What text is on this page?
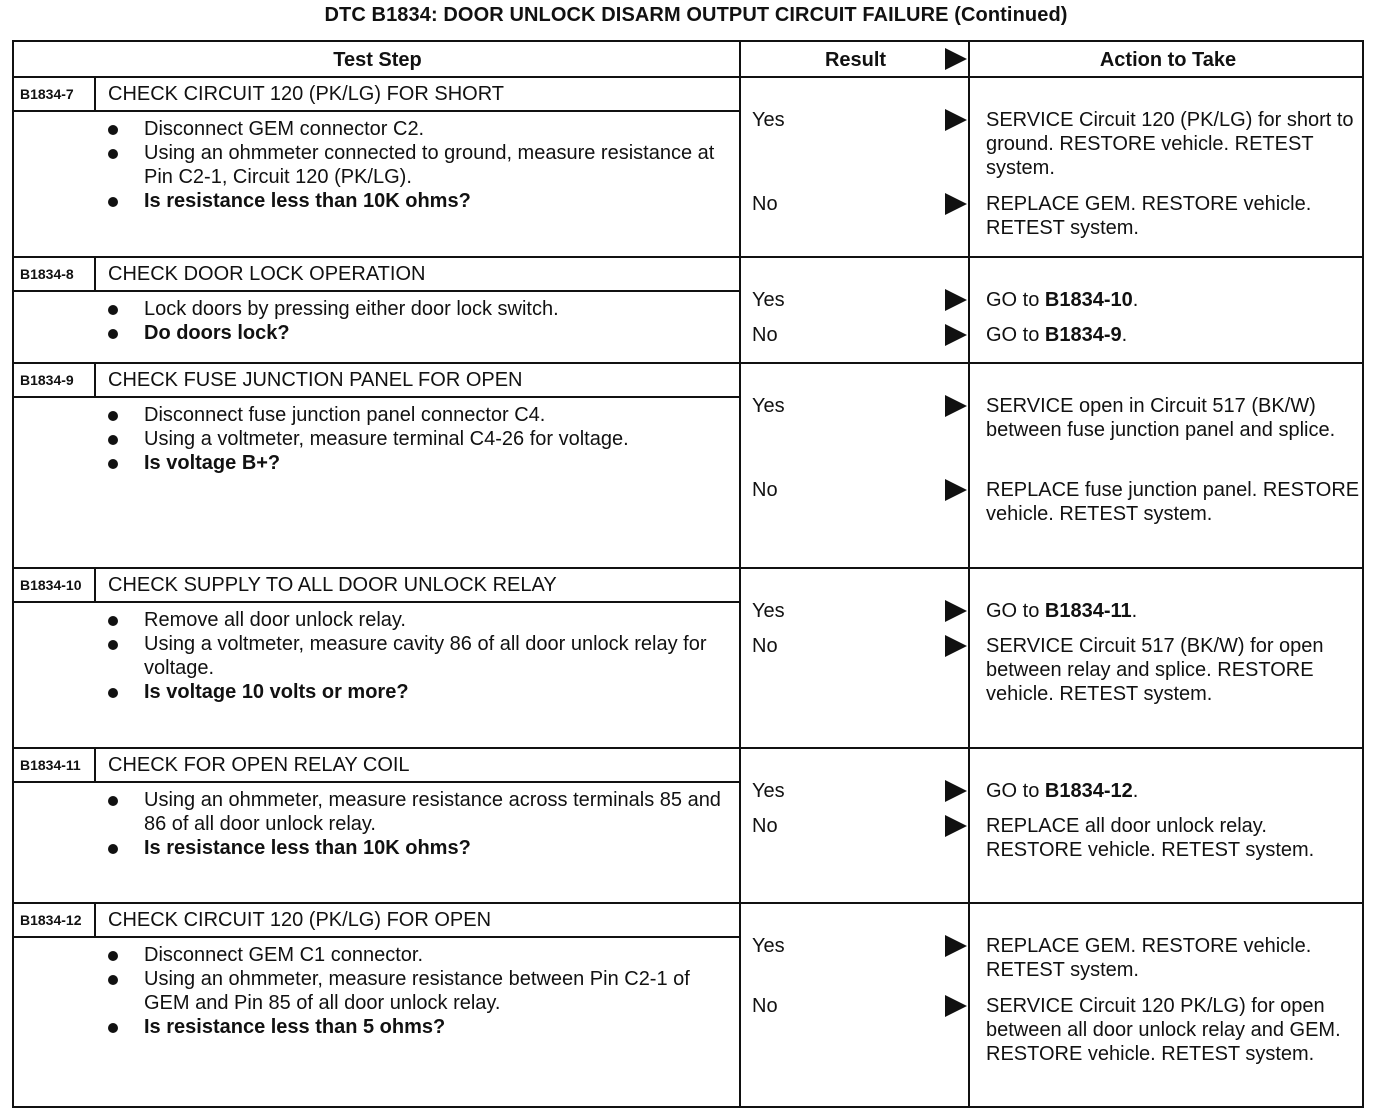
DTC B1834: DOOR UNLOCK DISARM OUTPUT CIRCUIT FAILURE (Continued)
Test Step	Result	Action to Take
B1834-7	CHECK CIRCUIT 120 (PK/LG) FOR SHORT
Disconnect GEM connector C2.
Using an ohmmeter connected to ground, measure resistance at Pin C2-1, Circuit 120 (PK/LG).
Is resistance less than 10K ohms?
Yes	SERVICE Circuit 120 (PK/LG) for short to ground. RESTORE vehicle. RETEST system.
No	REPLACE GEM. RESTORE vehicle. RETEST system.
B1834-8	CHECK DOOR LOCK OPERATION
Lock doors by pressing either door lock switch.
Do doors lock?
Yes	GO to B1834-10.
No	GO to B1834-9.
B1834-9	CHECK FUSE JUNCTION PANEL FOR OPEN
Disconnect fuse junction panel connector C4.
Using a voltmeter, measure terminal C4-26 for voltage.
Is voltage B+?
Yes	SERVICE open in Circuit 517 (BK/W) between fuse junction panel and splice.
No	REPLACE fuse junction panel. RESTORE vehicle. RETEST system.
B1834-10	CHECK SUPPLY TO ALL DOOR UNLOCK RELAY
Remove all door unlock relay.
Using a voltmeter, measure cavity 86 of all door unlock relay for voltage.
Is voltage 10 volts or more?
Yes	GO to B1834-11.
No	SERVICE Circuit 517 (BK/W) for open between relay and splice. RESTORE vehicle. RETEST system.
B1834-11	CHECK FOR OPEN RELAY COIL
Using an ohmmeter, measure resistance across terminals 85 and 86 of all door unlock relay.
Is resistance less than 10K ohms?
Yes	GO to B1834-12.
No	REPLACE all door unlock relay. RESTORE vehicle. RETEST system.
B1834-12	CHECK CIRCUIT 120 (PK/LG) FOR OPEN
Disconnect GEM C1 connector.
Using an ohmmeter, measure resistance between Pin C2-1 of GEM and Pin 85 of all door unlock relay.
Is resistance less than 5 ohms?
Yes	REPLACE GEM. RESTORE vehicle. RETEST system.
No	SERVICE Circuit 120 PK/LG) for open between all door unlock relay and GEM. RESTORE vehicle. RETEST system.
